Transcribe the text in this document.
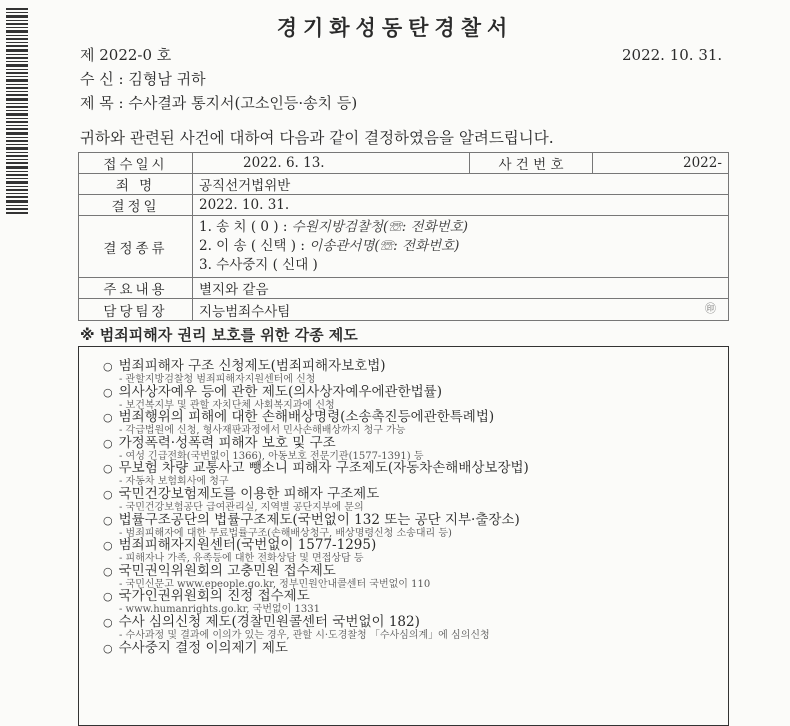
경기화성동탄경찰서
제 2022-0 호	2022. 10. 31.
수 신 : 김형남 귀하
제 목 : 수사결과 통지서(고소인등·송치 등)
귀하와 관련된 사건에 대하여 다음과 같이 결정하였음을 알려드립니다.
접수일시	2022. 6. 13.	사 건 번 호	2022-
죄 명	공직선거법위반		
결정일	2022. 10. 31.		
결정종류	1. 송 치 ( 0 ) : 수원지방검찰청(☏: 전화번호)
2. 이 송 ( 신택 ) : 이송관서명(☏: 전화번호)
3. 수사중지 ( 신대 )		

주요내용	별지와 같음		
담당팀장	지능범죄수사팀 ㊞		
※ 범죄피해자 권리 보호를 위한 각종 제도
○ 범죄피해자 구조 신청제도(범죄피해자보호법)
- 관할지방검찰청 범죄피해자지원센터에 신청
○ 의사상자예우 등에 관한 제도(의사상자예우에관한법률)
- 보건복지부 및 관할 자치단체 사회복지과에 신청
○ 범죄행위의 피해에 대한 손해배상명령(소송촉진등에관한특례법)
- 각급법원에 신청, 형사재판과정에서 민사손해배상까지 청구 가능
○ 가정폭력·성폭력 피해자 보호 및 구조
- 여성 긴급전화(국번없이 1366), 아동보호 전문기관(1577-1391) 등
○ 무보험 차량 교통사고 뺑소니 피해자 구조제도(자동차손해배상보장법)
- 자동차 보험회사에 청구
○ 국민건강보험제도를 이용한 피해자 구조제도
- 국민건강보험공단 급여관리실, 지역별 공단지부에 문의
○ 법률구조공단의 법률구조제도(국번없이 132 또는 공단 지부·출장소)
- 범죄피해자에 대한 무료법률구조(손해배상청구, 배상명령신청 소송대리 등)
○ 범죄피해자지원센터(국번없이 1577-1295)
- 피해자나 가족, 유족등에 대한 전화상담 및 면접상담 등
○ 국민권익위원회의 고충민원 접수제도
- 국민신문고 www.epeople.go.kr, 정부민원안내콜센터 국번없이 110
○ 국가인권위원회의 진정 접수제도
- www.humanrights.go.kr, 국번없이 1331
○ 수사 심의신청 제도(경찰민원콜센터 국번없이 182)
- 수사과정 및 결과에 이의가 있는 경우, 관할 시·도경찰청 「수사심의계」에 심의신청
○ 수사중지 결정 이의제기 제도
